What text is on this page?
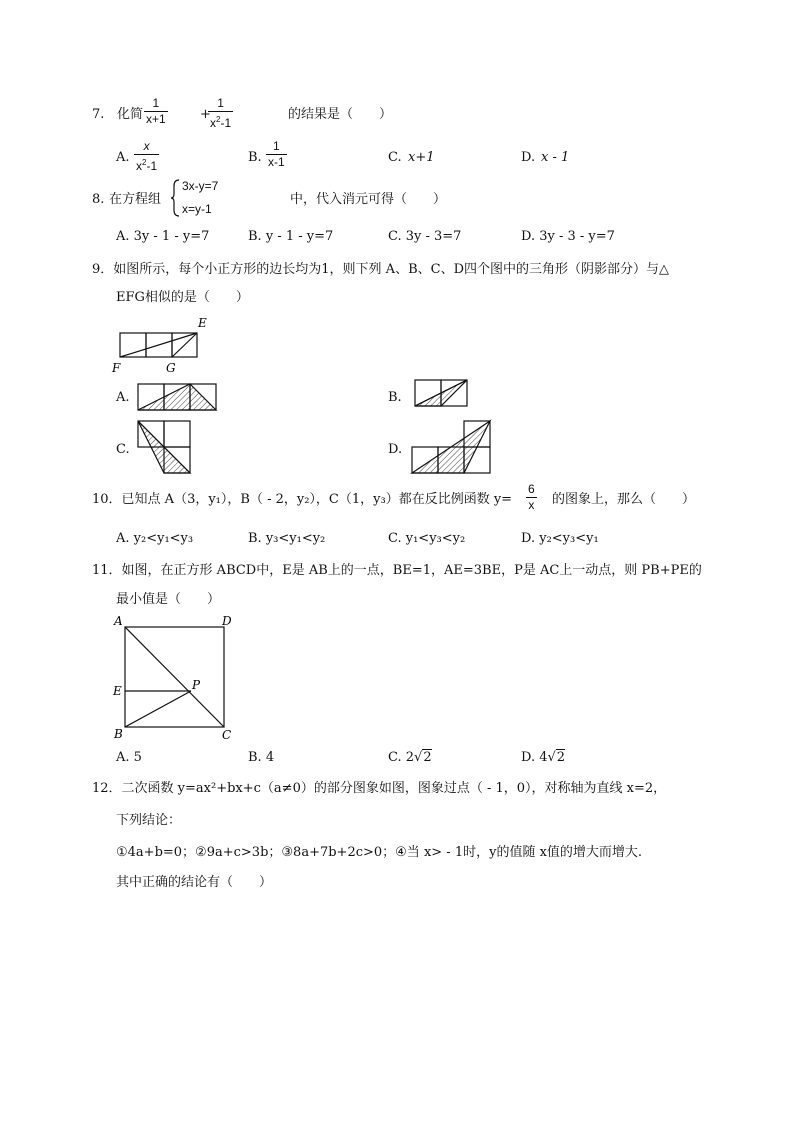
7. 化简 $\frac{1}{x+1}$ +
$\frac{1}{x^2-1}$	的结果是（　　）
A. $\frac{x}{x^2-1}$	B. $\frac{1}{x-1}$	C. x+1	D. x - 1
8. 在方程组
3x-y=7
x=y-1
中，代入消元可得（　　）
A. 3y - 1 - y=7	B. y - 1 - y=7	C. 3y - 3=7	D. 3y - 3 - y=7
9．如图所示，每个小正方形的边长均为1，则下列 A、B、C、D四个图中的三角形（阴影部分）与△
EFG相似的是（　　）
E
F	G
A.	B.
C.	D.
10．已知点 A（3，y₁），B（ - 2，y₂），C（1，y₃）都在反比例函数 $y= \frac{6}{x}$ 的图象上，那么（　　）
A. y₂<y₁<y₃	B. y₃<y₁<y₂	C. y₁<y₃<y₂	D. y₂<y₃<y₁
11．如图，在正方形 ABCD中，E是 AB上的一点，BE=1，AE=3BE，P是 AC上一动点，则 PB+PE的
最小值是（　　）
A	D
E	P
B	C
A. 5	B. 4	C. 2√2	D. 4√2
12．二次函数 y=ax²+bx+c（a≠0）的部分图象如图，图象过点（ - 1，0），对称轴为直线 x=2，
下列结论：
①4a+b=0；②9a+c>3b；③8a+7b+2c>0；④当 x> - 1时，y的值随 x值的增大而增大.
其中正确的结论有（　　）
